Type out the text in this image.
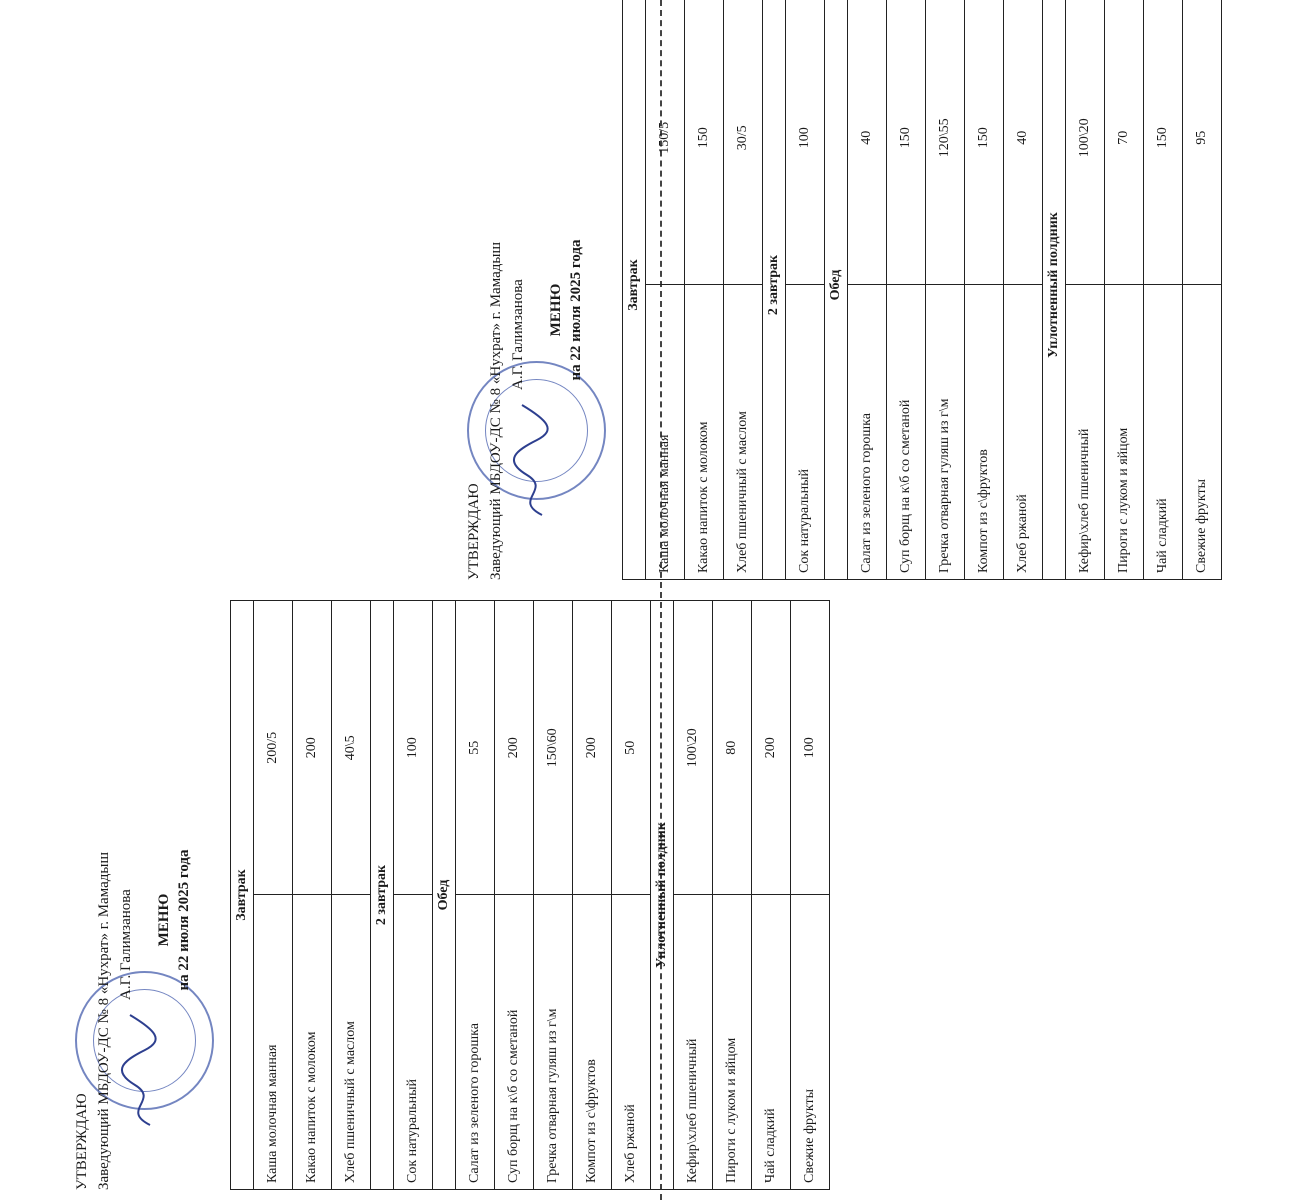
УТВЕРЖДАЮ Заведующий МБДОУ-ДС № 8 «Нухрат» г. Мамадыш А.Г. Галимзанова МЕНЮ на 22 июля 2025 года	Завтрак	
Каша молочная манная	200/5
Какао напиток с молоком	200
Хлеб пшеничный с маслом	40\5
2 завтрак	
Сок натуральный	100
Обед	
Салат из зеленого горошка	55
Суп борщ на к\б со сметаной	200
Гречка отварная гуляш из г\м	150\60
Компот из с\фруктов	200
Хлеб ржаной	50
Уплотненный полдник	
Кефир\хлеб пшеничный	100\20
Пироги с луком и яйцом	80
Чай сладкий	200
Свежие фрукты	100
УТВЕРЖДАЮ Заведующий МБДОУ-ДС № 8 «Нухрат» г. Мамадыш А.Г. Галимзанова МЕНЮ на 22 июля 2025 года	Завтрак	
Каша молочная манная	150/5
Какао напиток с молоком	150
Хлеб пшеничный с маслом	30/5
2 завтрак	
Сок натуральный	100
Обед	
Салат из зеленого горошка	40
Суп борщ на к\б со сметаной	150
Гречка отварная гуляш из г\м	120\55
Компот из с\фруктов	150
Хлеб ржаной	40
Уплотненный полдник	
Кефир\хлеб пшеничный	100\20
Пироги с луком и яйцом	70
Чай сладкий	150
Свежие фрукты	95
